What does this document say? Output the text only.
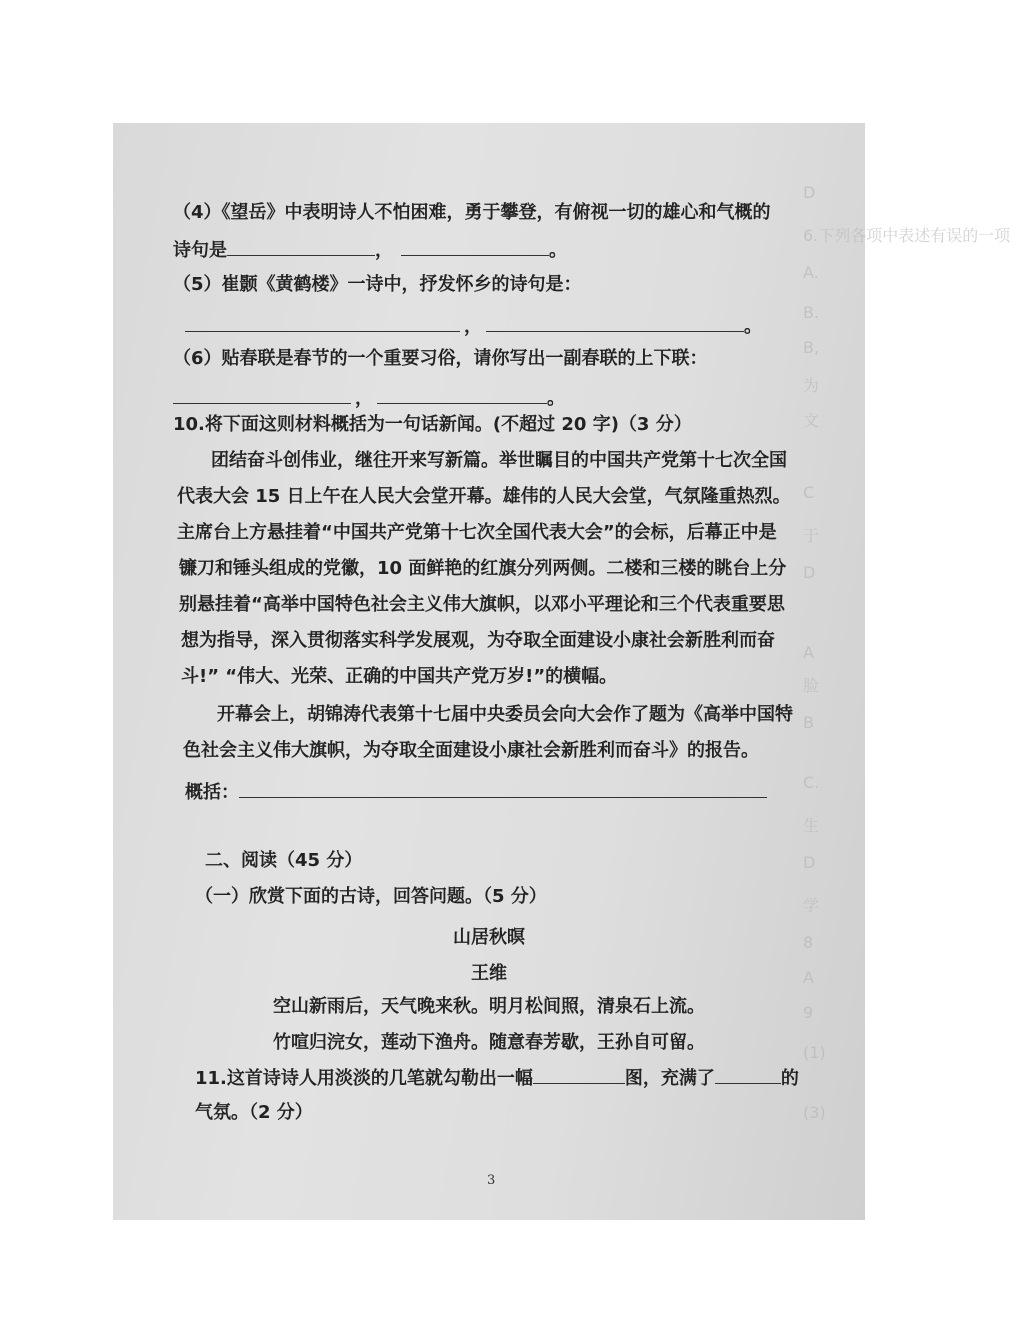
D
6.下列各项中表述有误的一项
A.
B.
B,
为
文
C
于
D
A
脸
B
C.
生
D
学
8
A
9
(1)
(3)
（4）《望岳》中表明诗人不怕困难，勇于攀登，有俯视一切的雄心和气概的
诗句是	，	。
（5）崔颢《黄鹤楼》一诗中，抒发怀乡的诗句是：
，	。
（6）贴春联是春节的一个重要习俗，请你写出一副春联的上下联：
，	。
10.将下面这则材料概括为一句话新闻。(不超过 20 字)（3 分）
团结奋斗创伟业，继往开来写新篇。举世瞩目的中国共产党第十七次全国
代表大会 15 日上午在人民大会堂开幕。雄伟的人民大会堂，气氛隆重热烈。
主席台上方悬挂着“中国共产党第十七次全国代表大会”的会标，后幕正中是
镰刀和锤头组成的党徽，10 面鲜艳的红旗分列两侧。二楼和三楼的眺台上分
别悬挂着“高举中国特色社会主义伟大旗帜，以邓小平理论和三个代表重要思
想为指导，深入贯彻落实科学发展观，为夺取全面建设小康社会新胜利而奋
斗!” “伟大、光荣、正确的中国共产党万岁!”的横幅。
开幕会上，胡锦涛代表第十七届中央委员会向大会作了题为《高举中国特
色社会主义伟大旗帜，为夺取全面建设小康社会新胜利而奋斗》的报告。
概括：
二、阅读（45 分）
（一）欣赏下面的古诗，回答问题。（5 分）
山居秋暝
王维
空山新雨后，天气晚来秋。明月松间照，清泉石上流。
竹喧归浣女，莲动下渔舟。随意春芳歇，王孙自可留。
11.这首诗诗人用淡淡的几笔就勾勒出一幅	图，充满了	的
气氛。（2 分）
3
